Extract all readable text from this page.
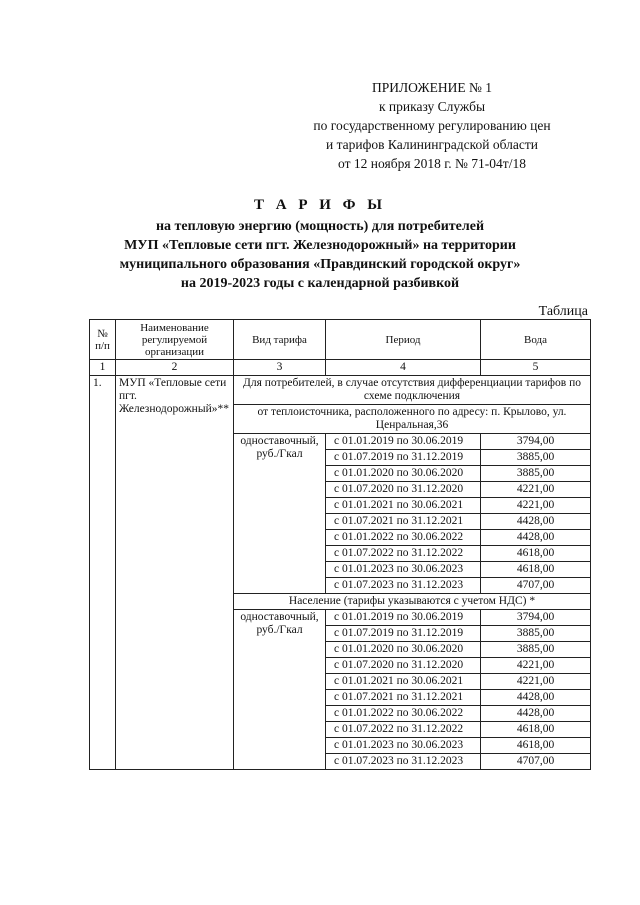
ПРИЛОЖЕНИЕ № 1
к приказу Службы
по государственному регулированию цен
и тарифов Калининградской области
от 12 ноября 2018 г. № 71-04т/18
Т А Р И Ф Ы
на тепловую энергию (мощность) для потребителей
МУП «Тепловые сети пгт. Железнодорожный» на территории
муниципального образования «Правдинский городской округ»
на 2019-2023 годы с календарной разбивкой
Таблица
№ п/п	Наименование регулируемой организации	Вид тарифа	Период	Вода
1	2	3	4	5
1.	МУП «Тепловые сети пгт. Железнодорожный»**	Для потребителей, в случае отсутствия дифференциации тарифов по схеме подключения		
		от теплоисточника, расположенного по адресу: п. Крылово, ул. Ценральная,36		
		одноставочный, руб./Гкал	с 01.01.2019 по 30.06.2019	3794,00
			с 01.07.2019 по 31.12.2019	3885,00
			с 01.01.2020 по 30.06.2020	3885,00
			с 01.07.2020 по 31.12.2020	4221,00
			с 01.01.2021 по 30.06.2021	4221,00
			с 01.07.2021 по 31.12.2021	4428,00
			с 01.01.2022 по 30.06.2022	4428,00
			с 01.07.2022 по 31.12.2022	4618,00
			с 01.01.2023 по 30.06.2023	4618,00
			с 01.07.2023 по 31.12.2023	4707,00
		Население (тарифы указываются с учетом НДС) *		
		одноставочный, руб./Гкал	с 01.01.2019 по 30.06.2019	3794,00
			с 01.07.2019 по 31.12.2019	3885,00
			с 01.01.2020 по 30.06.2020	3885,00
			с 01.07.2020 по 31.12.2020	4221,00
			с 01.01.2021 по 30.06.2021	4221,00
			с 01.07.2021 по 31.12.2021	4428,00
			с 01.01.2022 по 30.06.2022	4428,00
			с 01.07.2022 по 31.12.2022	4618,00
			с 01.01.2023 по 30.06.2023	4618,00
			с 01.07.2023 по 31.12.2023	4707,00
